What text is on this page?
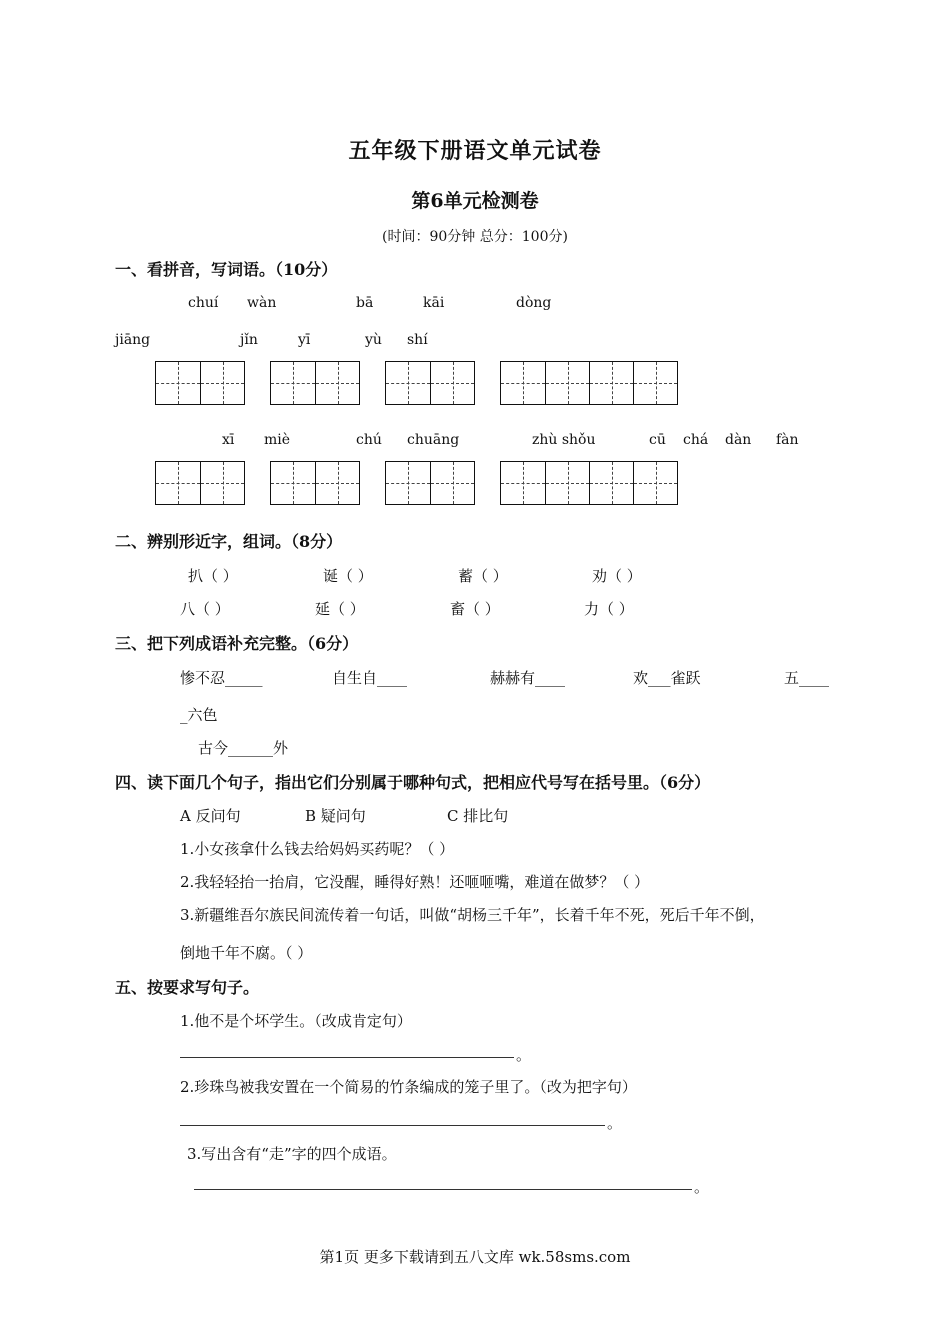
五年级下册语文单元试卷
第6单元检测卷
(时间：90分钟 总分：100分)
一、看拼音，写词语。（10分）
chuí wàn	bā	kāi	dòng
jiāng	jǐn	yī	yù shí
xī miè	chú chuāng	zhù shǒu	cū chá dàn fàn
二、辨别形近字，组词。（8分）
扒（ ）	诞（ ）	蓄（ ）	劝（ ）
八（ ）	延（ ）	畜（ ）	力（ ）
三、把下列成语补充完整。（6分）
惨不忍_____	自生自____	赫赫有____	欢___雀跃	五____
_六色
古今______外
四、读下面几个句子，指出它们分别属于哪种句式，把相应代号写在括号里。（6分）
A 反问句	B 疑问句	C 排比句
1.小女孩拿什么钱去给妈妈买药呢？（ ）
2.我轻轻抬一抬肩，它没醒，睡得好熟！还咂咂嘴，难道在做梦？（ ）
3.新疆维吾尔族民间流传着一句话，叫做“胡杨三千年”，长着千年不死，死后千年不倒，
倒地千年不腐。（ ）
五、按要求写句子。
1.他不是个坏学生。（改成肯定句）
。
2.珍珠鸟被我安置在一个简易的竹条编成的笼子里了。（改为把字句）
。
3.写出含有“走”字的四个成语。
。
第1页 更多下载请到五八文库 wk.58sms.com
